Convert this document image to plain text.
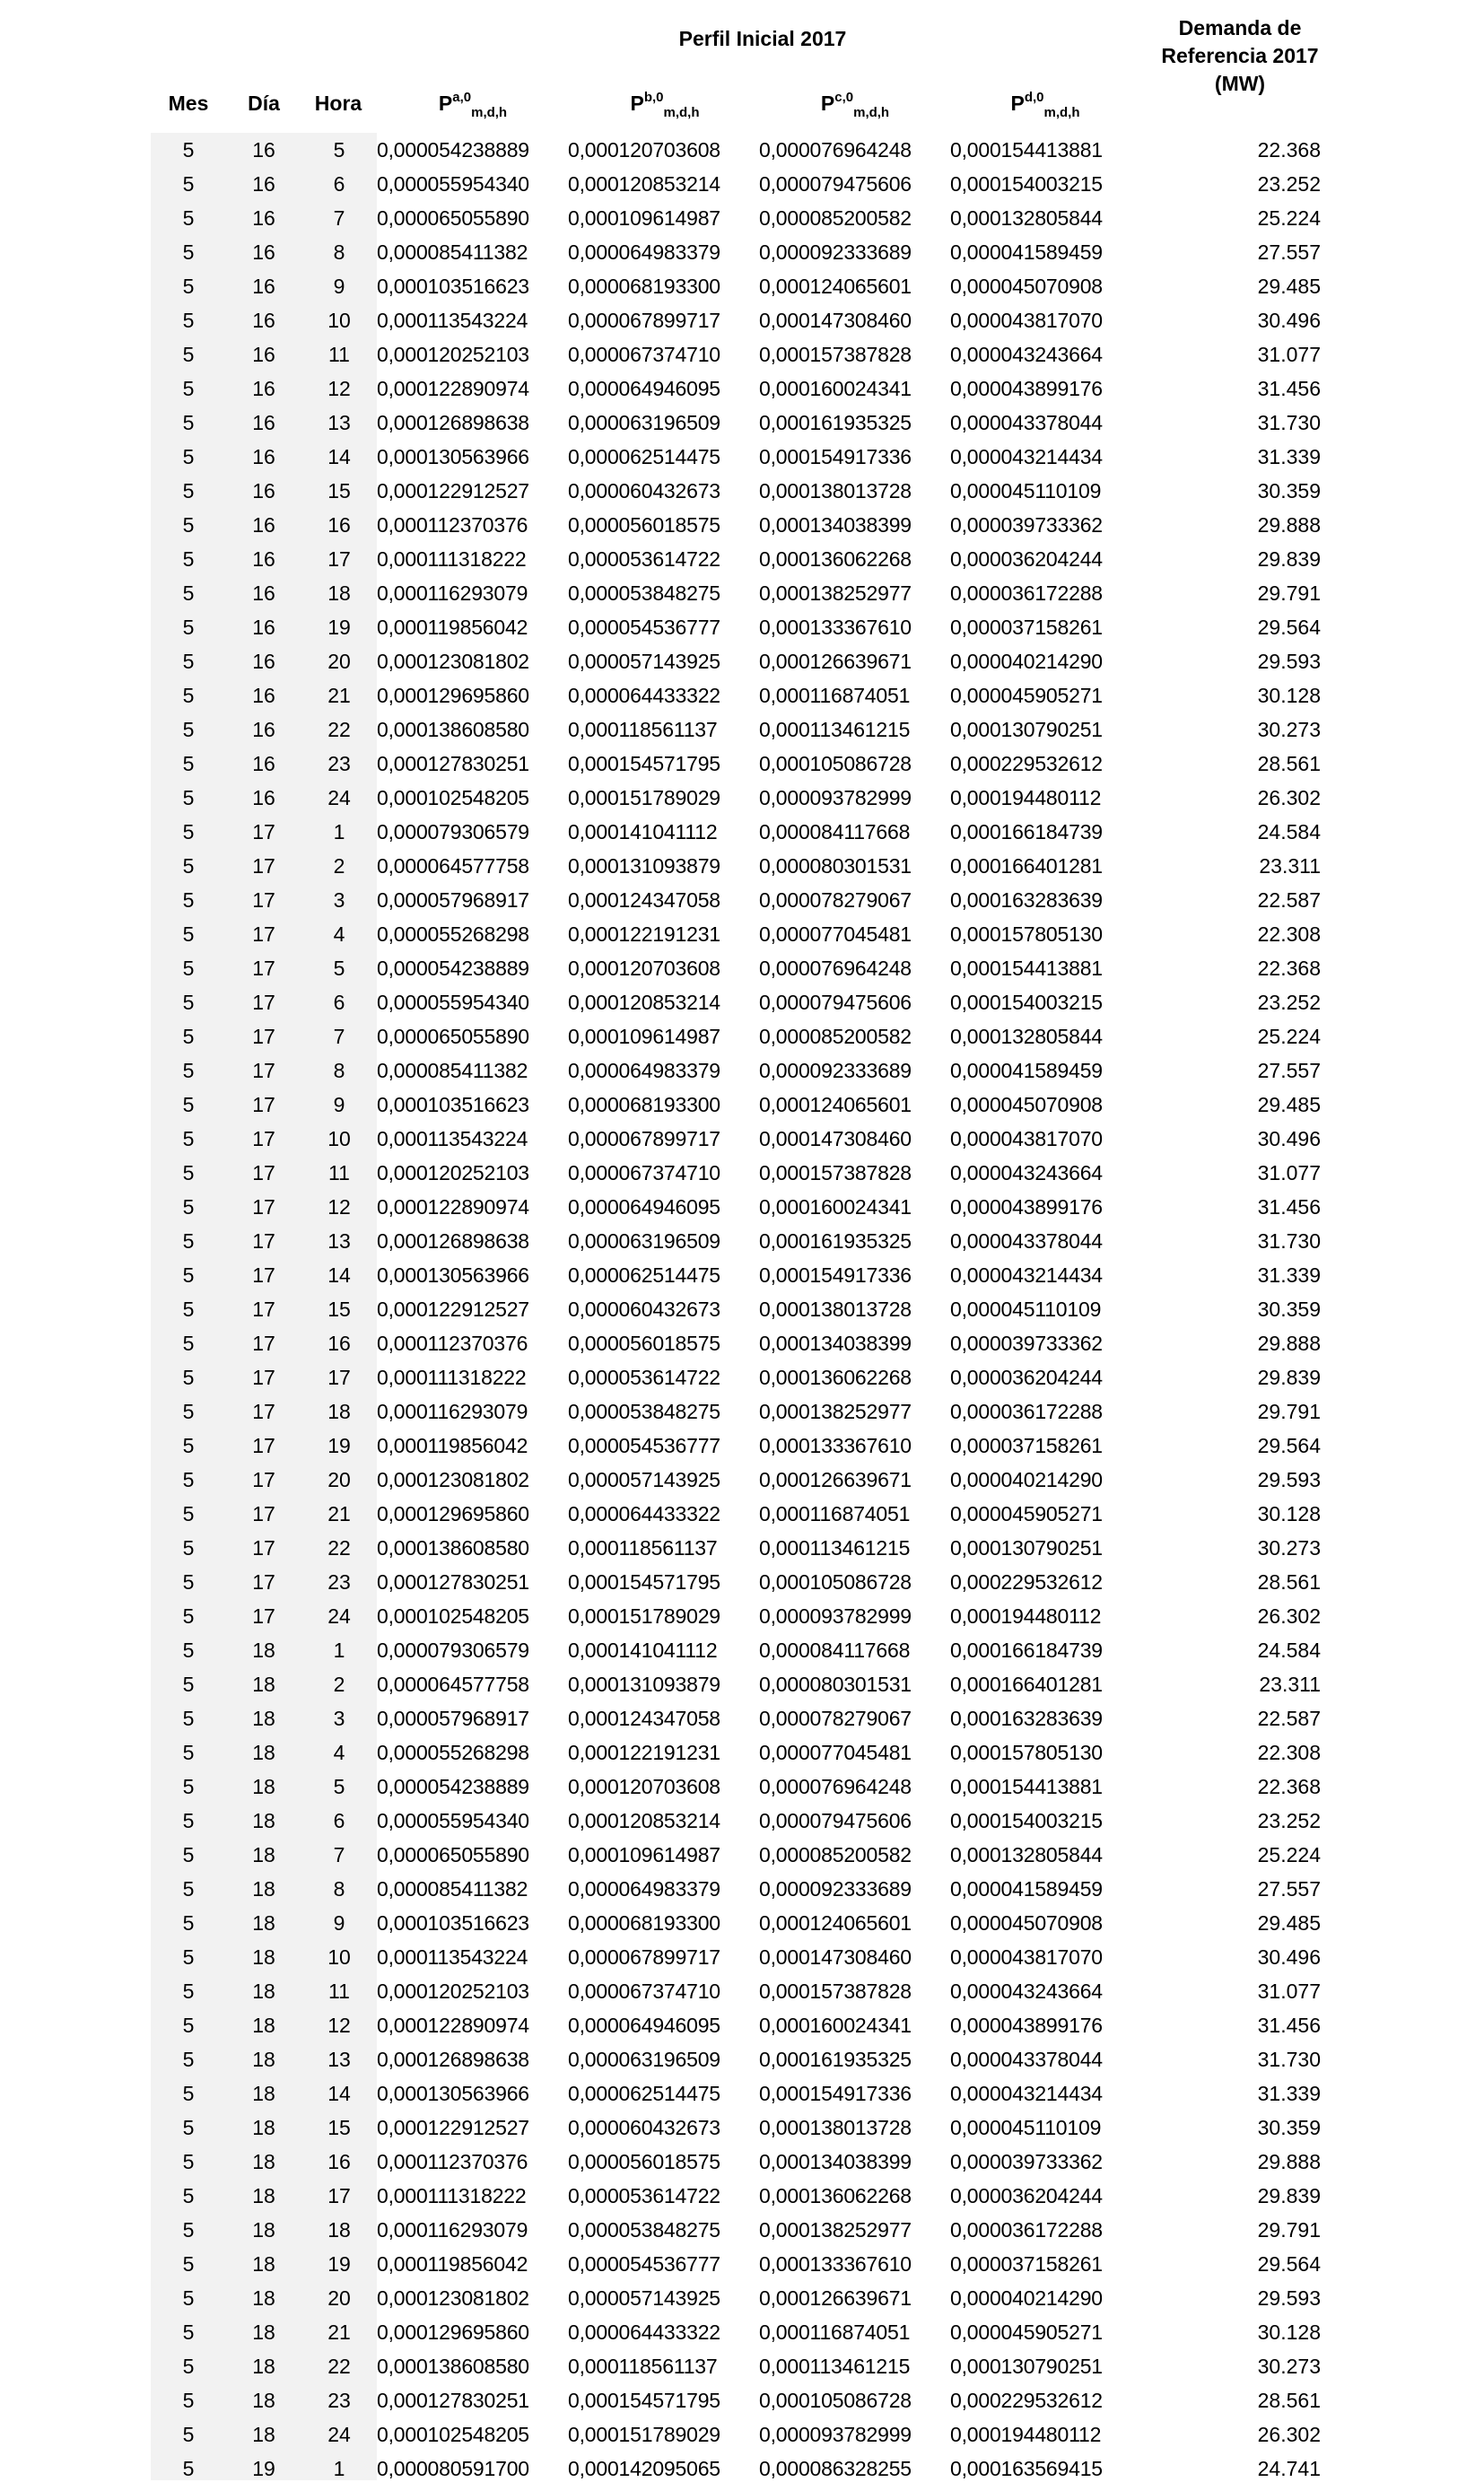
Perfil Inicial 2017	Demanda de
Referencia 2017
(MW)
Mes Día Hora	P$^{a,0}_{m,d,h}$	P$^{b,0}_{m,d,h}$	P$^{c,0}_{m,d,h}$	P$^{d,0}_{m,d,h}$
5	16	5	0,000054238889	0,000120703608	0,000076964248	0,000154413881	22.368
5	16	6	0,000055954340	0,000120853214	0,000079475606	0,000154003215	23.252
5	16	7	0,000065055890	0,000109614987	0,000085200582	0,000132805844	25.224
5	16	8	0,000085411382	0,000064983379	0,000092333689	0,000041589459	27.557
5	16	9	0,000103516623	0,000068193300	0,000124065601	0,000045070908	29.485
5	16	10	0,000113543224	0,000067899717	0,000147308460	0,000043817070	30.496
5	16	11	0,000120252103	0,000067374710	0,000157387828	0,000043243664	31.077
5	16	12	0,000122890974	0,000064946095	0,000160024341	0,000043899176	31.456
5	16	13	0,000126898638	0,000063196509	0,000161935325	0,000043378044	31.730
5	16	14	0,000130563966	0,000062514475	0,000154917336	0,000043214434	31.339
5	16	15	0,000122912527	0,000060432673	0,000138013728	0,000045110109	30.359
5	16	16	0,000112370376	0,000056018575	0,000134038399	0,000039733362	29.888
5	16	17	0,000111318222	0,000053614722	0,000136062268	0,000036204244	29.839
5	16	18	0,000116293079	0,000053848275	0,000138252977	0,000036172288	29.791
5	16	19	0,000119856042	0,000054536777	0,000133367610	0,000037158261	29.564
5	16	20	0,000123081802	0,000057143925	0,000126639671	0,000040214290	29.593
5	16	21	0,000129695860	0,000064433322	0,000116874051	0,000045905271	30.128
5	16	22	0,000138608580	0,000118561137	0,000113461215	0,000130790251	30.273
5	16	23	0,000127830251	0,000154571795	0,000105086728	0,000229532612	28.561
5	16	24	0,000102548205	0,000151789029	0,000093782999	0,000194480112	26.302
5	17	1	0,000079306579	0,000141041112	0,000084117668	0,000166184739	24.584
5	17	2	0,000064577758	0,000131093879	0,000080301531	0,000166401281	23.311
5	17	3	0,000057968917	0,000124347058	0,000078279067	0,000163283639	22.587
5	17	4	0,000055268298	0,000122191231	0,000077045481	0,000157805130	22.308
5	17	5	0,000054238889	0,000120703608	0,000076964248	0,000154413881	22.368
5	17	6	0,000055954340	0,000120853214	0,000079475606	0,000154003215	23.252
5	17	7	0,000065055890	0,000109614987	0,000085200582	0,000132805844	25.224
5	17	8	0,000085411382	0,000064983379	0,000092333689	0,000041589459	27.557
5	17	9	0,000103516623	0,000068193300	0,000124065601	0,000045070908	29.485
5	17	10	0,000113543224	0,000067899717	0,000147308460	0,000043817070	30.496
5	17	11	0,000120252103	0,000067374710	0,000157387828	0,000043243664	31.077
5	17	12	0,000122890974	0,000064946095	0,000160024341	0,000043899176	31.456
5	17	13	0,000126898638	0,000063196509	0,000161935325	0,000043378044	31.730
5	17	14	0,000130563966	0,000062514475	0,000154917336	0,000043214434	31.339
5	17	15	0,000122912527	0,000060432673	0,000138013728	0,000045110109	30.359
5	17	16	0,000112370376	0,000056018575	0,000134038399	0,000039733362	29.888
5	17	17	0,000111318222	0,000053614722	0,000136062268	0,000036204244	29.839
5	17	18	0,000116293079	0,000053848275	0,000138252977	0,000036172288	29.791
5	17	19	0,000119856042	0,000054536777	0,000133367610	0,000037158261	29.564
5	17	20	0,000123081802	0,000057143925	0,000126639671	0,000040214290	29.593
5	17	21	0,000129695860	0,000064433322	0,000116874051	0,000045905271	30.128
5	17	22	0,000138608580	0,000118561137	0,000113461215	0,000130790251	30.273
5	17	23	0,000127830251	0,000154571795	0,000105086728	0,000229532612	28.561
5	17	24	0,000102548205	0,000151789029	0,000093782999	0,000194480112	26.302
5	18	1	0,000079306579	0,000141041112	0,000084117668	0,000166184739	24.584
5	18	2	0,000064577758	0,000131093879	0,000080301531	0,000166401281	23.311
5	18	3	0,000057968917	0,000124347058	0,000078279067	0,000163283639	22.587
5	18	4	0,000055268298	0,000122191231	0,000077045481	0,000157805130	22.308
5	18	5	0,000054238889	0,000120703608	0,000076964248	0,000154413881	22.368
5	18	6	0,000055954340	0,000120853214	0,000079475606	0,000154003215	23.252
5	18	7	0,000065055890	0,000109614987	0,000085200582	0,000132805844	25.224
5	18	8	0,000085411382	0,000064983379	0,000092333689	0,000041589459	27.557
5	18	9	0,000103516623	0,000068193300	0,000124065601	0,000045070908	29.485
5	18	10	0,000113543224	0,000067899717	0,000147308460	0,000043817070	30.496
5	18	11	0,000120252103	0,000067374710	0,000157387828	0,000043243664	31.077
5	18	12	0,000122890974	0,000064946095	0,000160024341	0,000043899176	31.456
5	18	13	0,000126898638	0,000063196509	0,000161935325	0,000043378044	31.730
5	18	14	0,000130563966	0,000062514475	0,000154917336	0,000043214434	31.339
5	18	15	0,000122912527	0,000060432673	0,000138013728	0,000045110109	30.359
5	18	16	0,000112370376	0,000056018575	0,000134038399	0,000039733362	29.888
5	18	17	0,000111318222	0,000053614722	0,000136062268	0,000036204244	29.839
5	18	18	0,000116293079	0,000053848275	0,000138252977	0,000036172288	29.791
5	18	19	0,000119856042	0,000054536777	0,000133367610	0,000037158261	29.564
5	18	20	0,000123081802	0,000057143925	0,000126639671	0,000040214290	29.593
5	18	21	0,000129695860	0,000064433322	0,000116874051	0,000045905271	30.128
5	18	22	0,000138608580	0,000118561137	0,000113461215	0,000130790251	30.273
5	18	23	0,000127830251	0,000154571795	0,000105086728	0,000229532612	28.561
5	18	24	0,000102548205	0,000151789029	0,000093782999	0,000194480112	26.302
5	19	1	0,000080591700	0,000142095065	0,000086328255	0,000163569415	24.741
